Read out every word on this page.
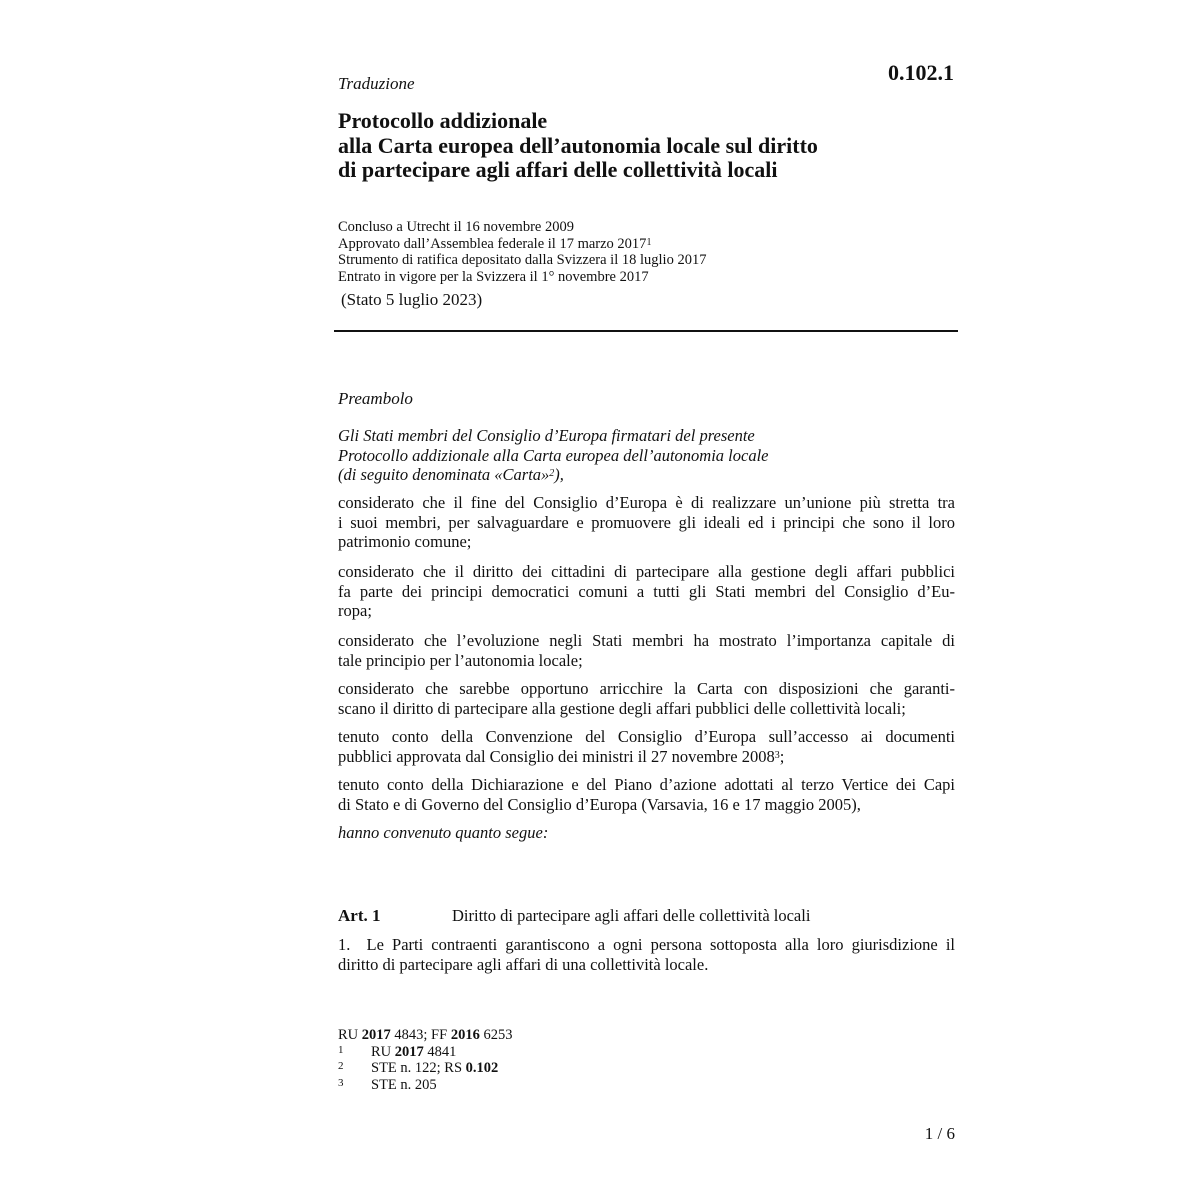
0.102.1
Traduzione
Protocollo addizionale
alla Carta europea dell’autonomia locale sul diritto
di partecipare agli affari delle collettività locali
Concluso a Utrecht il 16 novembre 2009
Approvato dall’Assemblea federale il 17 marzo 2017$^1$
Strumento di ratifica depositato dalla Svizzera il 18 luglio 2017
Entrato in vigore per la Svizzera il 1° novembre 2017
(Stato 5 luglio 2023)
Preambolo
Gli Stati membri del Consiglio d’Europa firmatari del presente
Protocollo addizionale alla Carta europea dell’autonomia locale
(di seguito denominata «Carta»$^2$),
considerato che il fine del Consiglio d’Europa è di realizzare un’unione più stretta tra
i suoi membri, per salvaguardare e promuovere gli ideali ed i principi che sono il loro
patrimonio comune;
considerato che il diritto dei cittadini di partecipare alla gestione degli affari pubblici
fa parte dei principi democratici comuni a tutti gli Stati membri del Consiglio d’Eu-
ropa;
considerato che l’evoluzione negli Stati membri ha mostrato l’importanza capitale di
tale principio per l’autonomia locale;
considerato che sarebbe opportuno arricchire la Carta con disposizioni che garanti-
scano il diritto di partecipare alla gestione degli affari pubblici delle collettività locali;
tenuto conto della Convenzione del Consiglio d’Europa sull’accesso ai documenti
pubblici approvata dal Consiglio dei ministri il 27 novembre 2008$^3$;
tenuto conto della Dichiarazione e del Piano d’azione adottati al terzo Vertice dei Capi
di Stato e di Governo del Consiglio d’Europa (Varsavia, 16 e 17 maggio 2005),
hanno convenuto quanto segue:
Art. 1	Diritto di partecipare agli affari delle collettività locali
1.  Le Parti contraenti garantiscono a ogni persona sottoposta alla loro giurisdizione il
diritto di partecipare agli affari di una collettività locale.
RU 2017 4843; FF 2016 6253
1 RU 2017 4841
2 STE n. 122; RS 0.102
3 STE n. 205
1 / 6
